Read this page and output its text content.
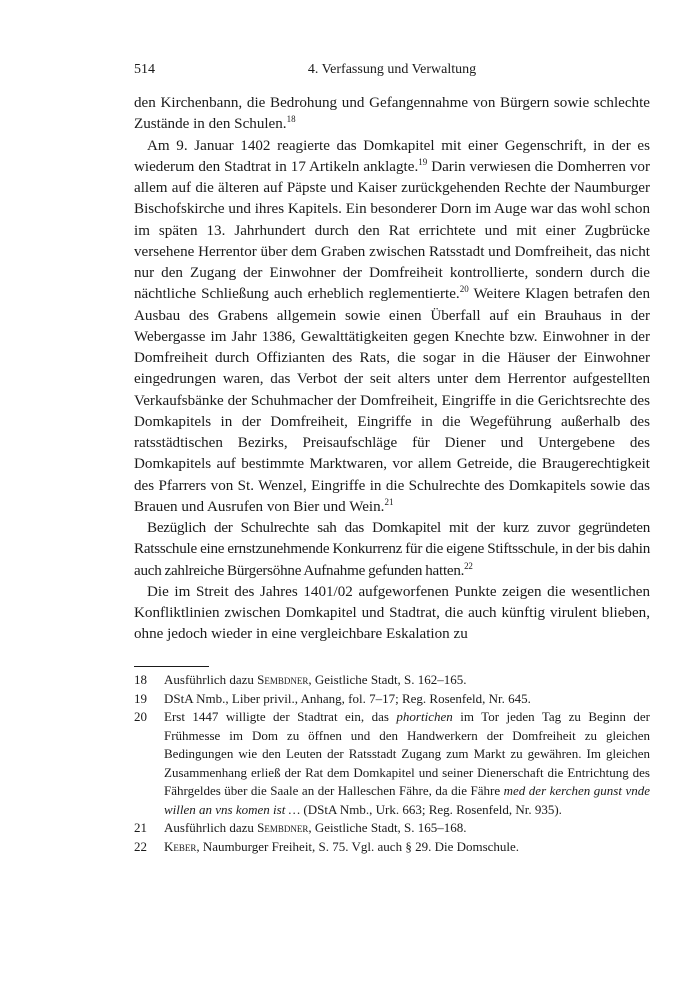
514	4. Verfassung und Verwaltung

den Kirchenbann, die Bedrohung und Gefangennahme von Bürgern sowie schlechte Zustände in den Schulen.$^{18}$

Am 9. Januar 1402 reagierte das Domkapitel mit einer Gegenschrift, in der es wiederum den Stadtrat in 17 Artikeln anklagte.$^{19}$ Darin verwiesen die Domherren vor allem auf die älteren auf Päpste und Kaiser zurückgehenden Rechte der Naumburger Bischofskirche und ihres Kapitels. Ein besonderer Dorn im Auge war das wohl schon im späten 13. Jahrhundert durch den Rat errichtete und mit einer Zugbrücke versehene Herrentor über dem Graben zwischen Ratsstadt und Domfreiheit, das nicht nur den Zugang der Einwohner der Domfreiheit kontrollierte, sondern durch die nächtliche Schließung auch erheblich reglementierte.$^{20}$ Weitere Klagen betrafen den Ausbau des Grabens allgemein sowie einen Überfall auf ein Brauhaus in der Webergasse im Jahr 1386, Gewalttätigkeiten gegen Knechte bzw. Einwohner in der Domfreiheit durch Offizianten des Rats, die sogar in die Häuser der Einwohner eingedrungen waren, das Verbot der seit alters unter dem Herrentor aufgestellten Verkaufsbänke der Schuhmacher der Domfreiheit, Eingriffe in die Gerichtsrechte des Domkapitels in der Domfreiheit, Eingriffe in die Wegeführung außerhalb des ratsstädtischen Bezirks, Preisaufschläge für Diener und Untergebene des Domkapitels auf bestimmte Marktwaren, vor allem Getreide, die Braugerechtigkeit des Pfarrers von St. Wenzel, Eingriffe in die Schulrechte des Domkapitels sowie das Brauen und Ausrufen von Bier und Wein.$^{21}$

Bezüglich der Schulrechte sah das Domkapitel mit der kurz zuvor gegründeten Ratsschule eine ernstzunehmende Konkurrenz für die eigene Stiftsschule, in der bis dahin auch zahlreiche Bürgersöhne Aufnahme gefunden hatten.$^{22}$

Die im Streit des Jahres 1401/02 aufgeworfenen Punkte zeigen die wesentlichen Konfliktlinien zwischen Domkapitel und Stadtrat, die auch künftig virulent blieben, ohne jedoch wieder in eine vergleichbare Eskalation zu

18 Ausführlich dazu Sembdner, Geistliche Stadt, S. 162–165.
19 DStA Nmb., Liber privil., Anhang, fol. 7–17; Reg. Rosenfeld, Nr. 645.
20 Erst 1447 willigte der Stadtrat ein, das phortichen im Tor jeden Tag zu Beginn der Frühmesse im Dom zu öffnen und den Handwerkern der Domfreiheit zu gleichen Bedingungen wie den Leuten der Ratsstadt Zugang zum Markt zu gewähren. Im gleichen Zusammenhang erließ der Rat dem Domkapitel und seiner Dienerschaft die Entrichtung des Fährgeldes über die Saale an der Halleschen Fähre, da die Fähre med der kerchen gunst vnde willen an vns komen ist … (DStA Nmb., Urk. 663; Reg. Rosenfeld, Nr. 935).
21 Ausführlich dazu Sembdner, Geistliche Stadt, S. 165–168.
22 Keber, Naumburger Freiheit, S. 75. Vgl. auch § 29. Die Domschule.
